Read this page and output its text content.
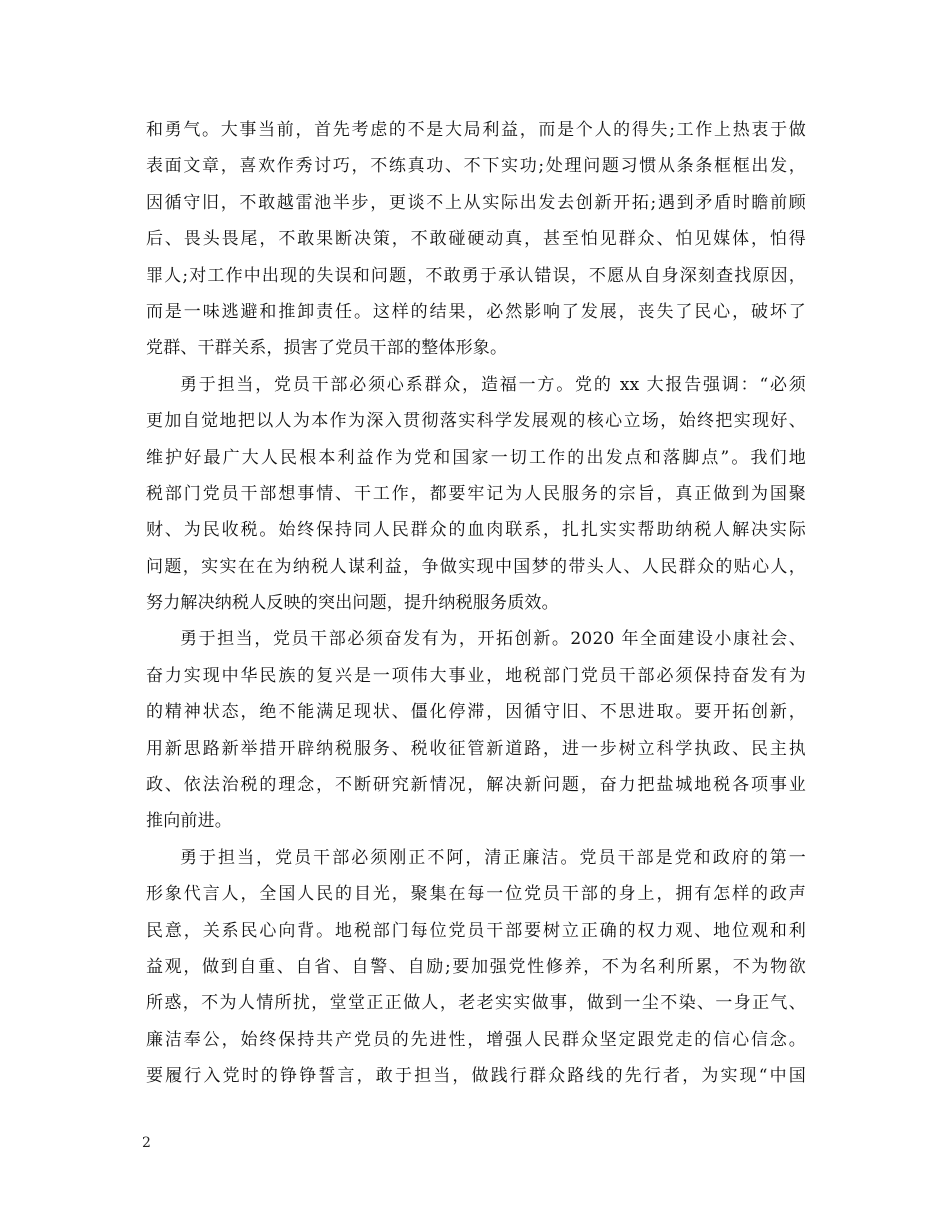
和勇气。大事当前，首先考虑的不是大局利益，而是个人的得失;工作上热衷于做
表面文章，喜欢作秀讨巧，不练真功、不下实功;处理问题习惯从条条框框出发，
因循守旧，不敢越雷池半步，更谈不上从实际出发去创新开拓;遇到矛盾时瞻前顾
后、畏头畏尾，不敢果断决策，不敢碰硬动真，甚至怕见群众、怕见媒体，怕得
罪人;对工作中出现的失误和问题，不敢勇于承认错误，不愿从自身深刻查找原因，
而是一味逃避和推卸责任。这样的结果，必然影响了发展，丧失了民心，破坏了
党群、干群关系，损害了党员干部的整体形象。
勇于担当，党员干部必须心系群众，造福一方。党的 xx 大报告强调：“必须
更加自觉地把以人为本作为深入贯彻落实科学发展观的核心立场，始终把实现好、
维护好最广大人民根本利益作为党和国家一切工作的出发点和落脚点”。我们地
税部门党员干部想事情、干工作，都要牢记为人民服务的宗旨，真正做到为国聚
财、为民收税。始终保持同人民群众的血肉联系，扎扎实实帮助纳税人解决实际
问题，实实在在为纳税人谋利益，争做实现中国梦的带头人、人民群众的贴心人，
努力解决纳税人反映的突出问题，提升纳税服务质效。
勇于担当，党员干部必须奋发有为，开拓创新。2020 年全面建设小康社会、
奋力实现中华民族的复兴是一项伟大事业，地税部门党员干部必须保持奋发有为
的精神状态，绝不能满足现状、僵化停滞，因循守旧、不思进取。要开拓创新，
用新思路新举措开辟纳税服务、税收征管新道路，进一步树立科学执政、民主执
政、依法治税的理念，不断研究新情况，解决新问题，奋力把盐城地税各项事业
推向前进。
勇于担当，党员干部必须刚正不阿，清正廉洁。党员干部是党和政府的第一
形象代言人，全国人民的目光，聚集在每一位党员干部的身上，拥有怎样的政声
民意，关系民心向背。地税部门每位党员干部要树立正确的权力观、地位观和利
益观，做到自重、自省、自警、自励;要加强党性修养，不为名利所累，不为物欲
所惑，不为人情所扰，堂堂正正做人，老老实实做事，做到一尘不染、一身正气、
廉洁奉公，始终保持共产党员的先进性，增强人民群众坚定跟党走的信心信念。
要履行入党时的铮铮誓言，敢于担当，做践行群众路线的先行者，为实现“中国
2
